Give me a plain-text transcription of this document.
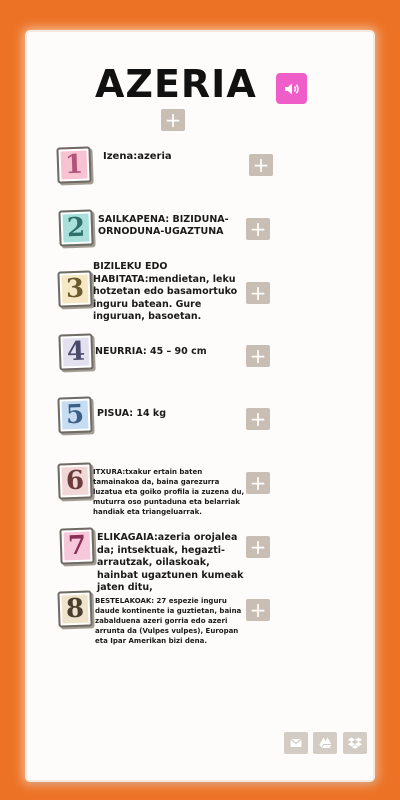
AZERIA
+
1	Izena:azeria	+
2	SAILKAPENA: BIZIDUNA-ORNODUNA-UGAZTUNA	+
3
BIZILEKU EDO HABITATA:mendietan, leku hotzetan edo basamortuko inguru batean. Gure inguruan, basoetan.
+
4 NEURRIA: 45 – 90 cm	+
5	PISUA: 14 kg	+
6	ITXURA:txakur ertain baten tamainakoa da, baina garezurra luzatua eta goiko profila ia zuzena du, muturra oso puntaduna eta belarriak handiak eta triangeluarrak.
+
7	ELIKAGAIA:azeria orojalea da; intsektuak, hegazti-arrautzak, oilaskoak, hainbat ugaztunen kumeak jaten ditu,
+
8	BESTELAKOAK: 27 espezie inguru daude kontinente ia guztietan, baina zabalduena azeri gorria edo azeri arrunta da (Vulpes vulpes), Europan eta Ipar Amerikan bizi dena.
+
